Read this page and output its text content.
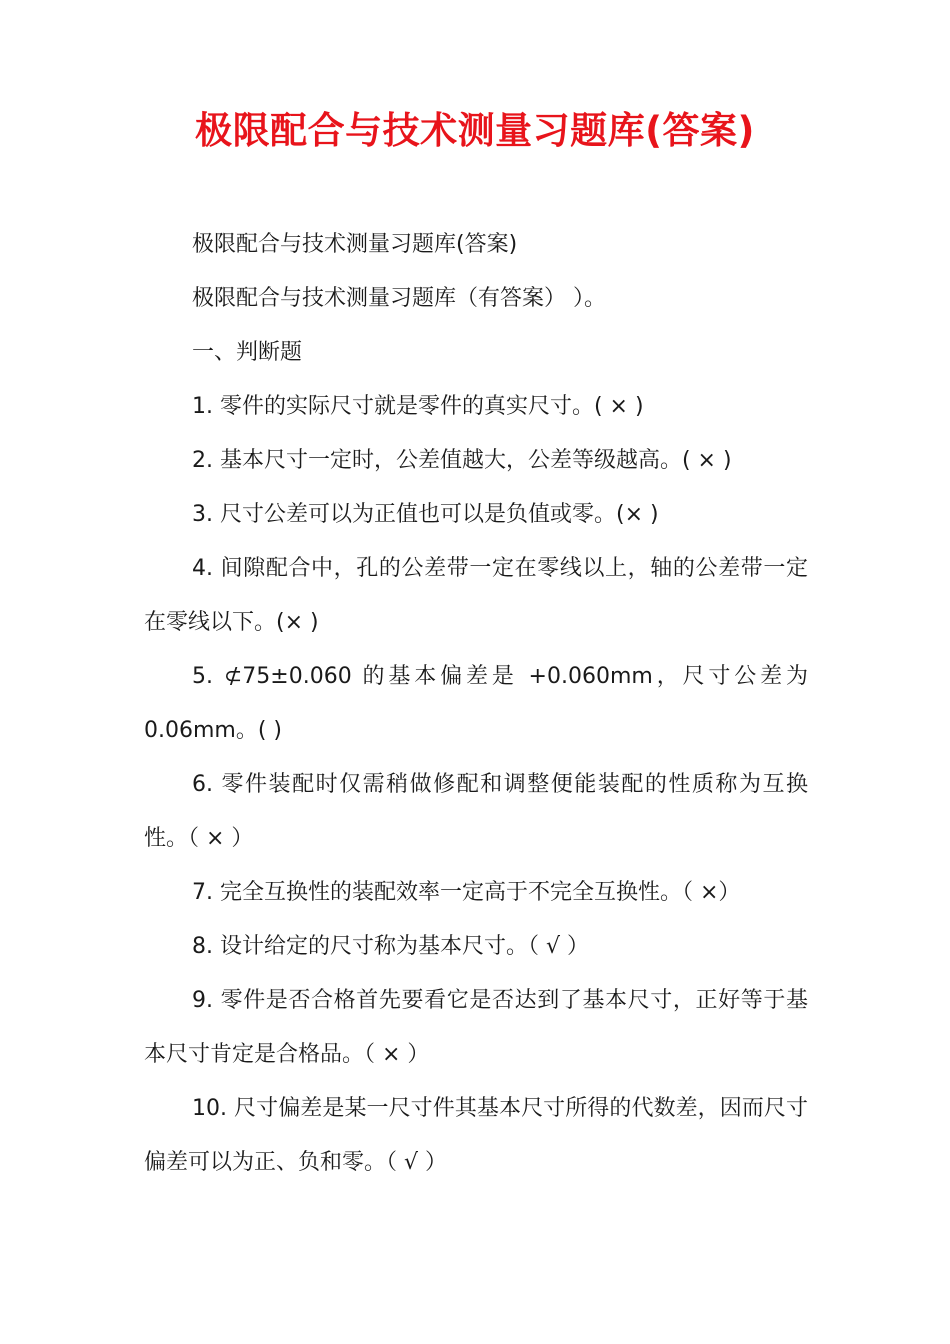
极限配合与技术测量习题库(答案)

极限配合与技术测量习题库(答案)

极限配合与技术测量习题库（有答案） ）。

一、判断题

1. 零件的实际尺寸就是零件的真实尺寸。( × )

2. 基本尺寸一定时，公差值越大，公差等级越高。( × )

3. 尺寸公差可以为正值也可以是负值或零。(× )

4. 间隙配合中，孔的公差带一定在零线以上，轴的公差带一定在零线以下。(× )

5. ⊄75±0.060 的基本偏差是 +0.060mm，尺寸公差为 0.06mm。( )

6. 零件装配时仅需稍做修配和调整便能装配的性质称为互换性。（ × ）

7. 完全互换性的装配效率一定高于不完全互换性。（ ×）

8. 设计给定的尺寸称为基本尺寸。（ √ ）

9. 零件是否合格首先要看它是否达到了基本尺寸，正好等于基本尺寸肯定是合格品。（ × ）

10. 尺寸偏差是某一尺寸件其基本尺寸所得的代数差，因而尺寸偏差可以为正、负和零。（ √ ）
